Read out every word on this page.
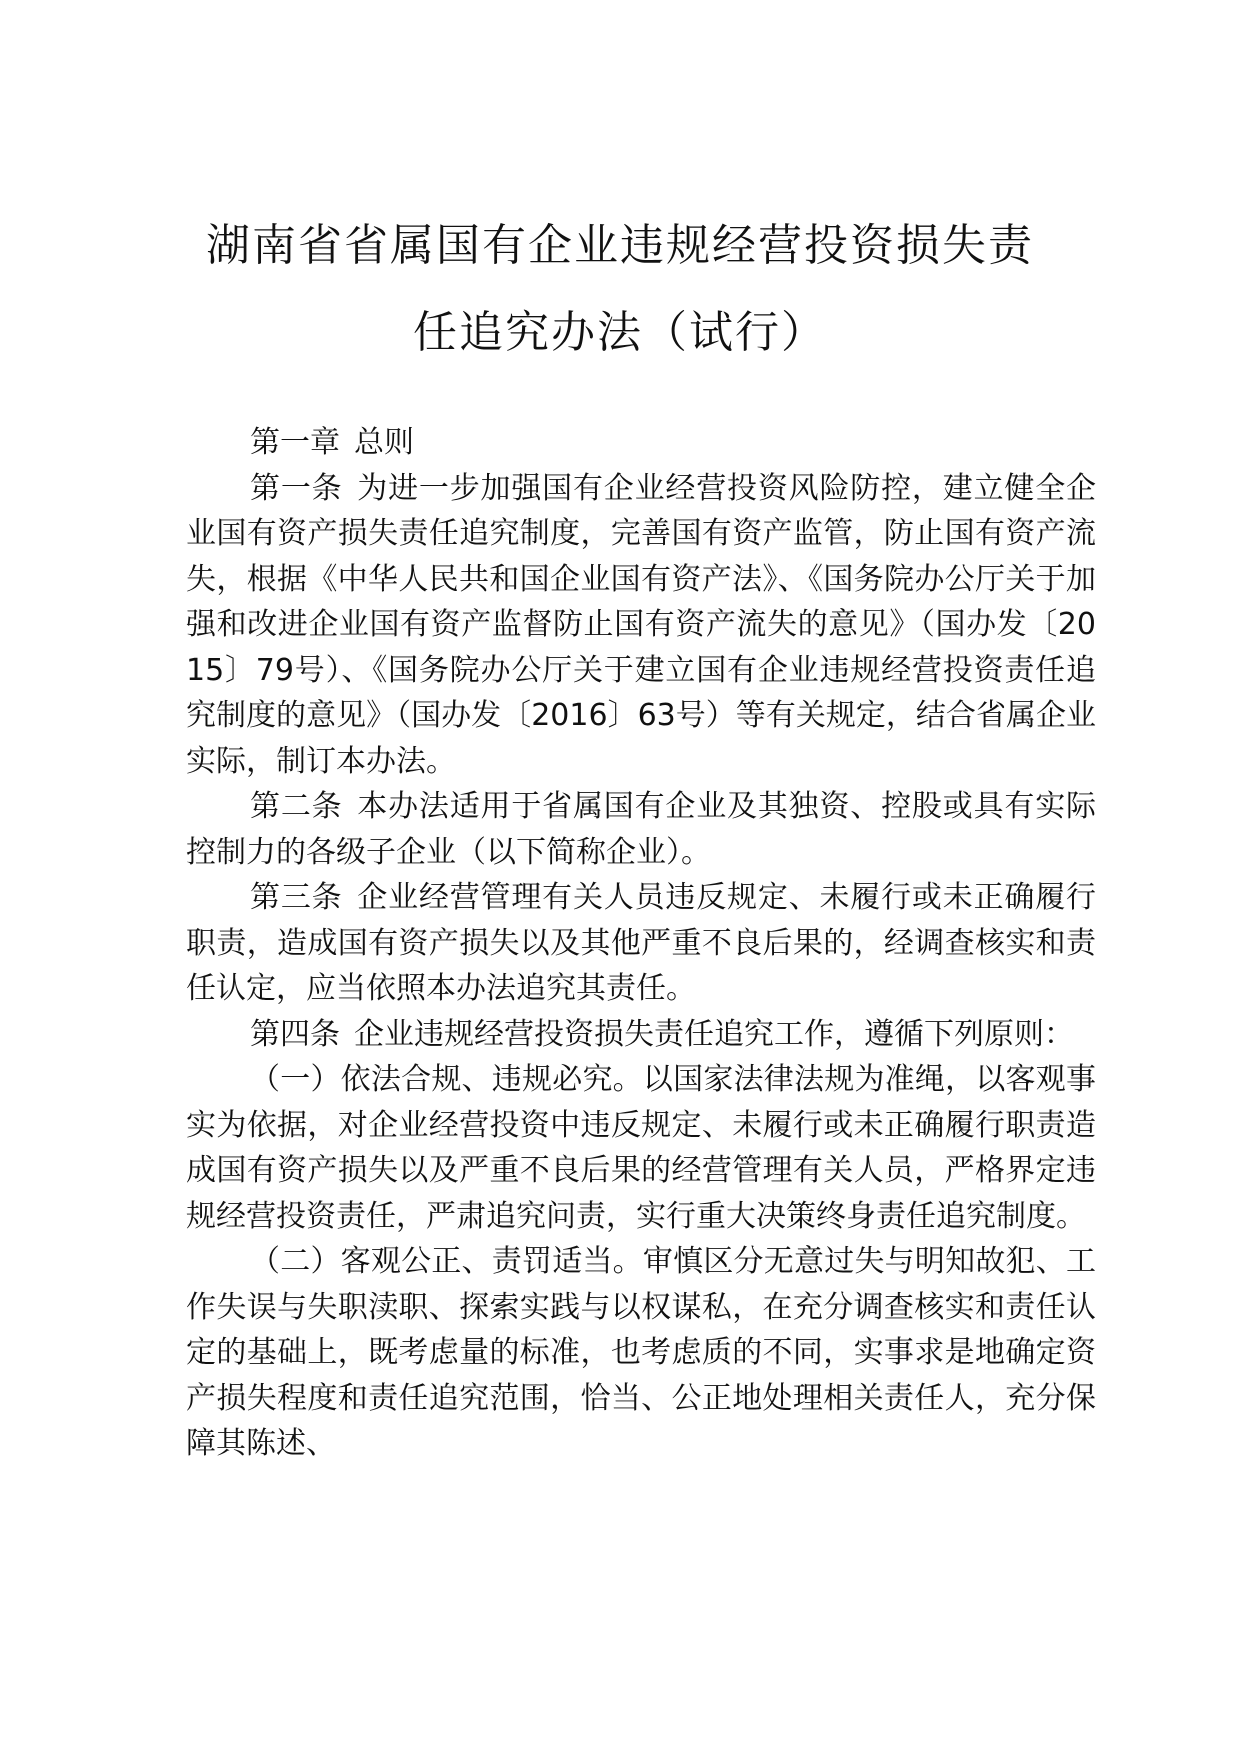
湖南省省属国有企业违规经营投资损失责
任追究办法（试行）

第一章 总则

第一条 为进一步加强国有企业经营投资风险防控，建立健全企业国有资产损失责任追究制度，完善国有资产监管，防止国有资产流失，根据《中华人民共和国企业国有资产法》、《国务院办公厅关于加强和改进企业国有资产监督防止国有资产流失的意见》（国办发〔2015〕79号）、《国务院办公厅关于建立国有企业违规经营投资责任追究制度的意见》（国办发〔2016〕63号）等有关规定，结合省属企业实际，制订本办法。

第二条 本办法适用于省属国有企业及其独资、控股或具有实际控制力的各级子企业（以下简称企业）。

第三条 企业经营管理有关人员违反规定、未履行或未正确履行职责，造成国有资产损失以及其他严重不良后果的，经调查核实和责任认定，应当依照本办法追究其责任。

第四条 企业违规经营投资损失责任追究工作，遵循下列原则：

（一）依法合规、违规必究。以国家法律法规为准绳，以客观事实为依据，对企业经营投资中违反规定、未履行或未正确履行职责造成国有资产损失以及严重不良后果的经营管理有关人员，严格界定违规经营投资责任，严肃追究问责，实行重大决策终身责任追究制度。

（二）客观公正、责罚适当。审慎区分无意过失与明知故犯、工作失误与失职渎职、探索实践与以权谋私，在充分调查核实和责任认定的基础上，既考虑量的标准，也考虑质的不同，实事求是地确定资产损失程度和责任追究范围，恰当、公正地处理相关责任人，充分保障其陈述、
